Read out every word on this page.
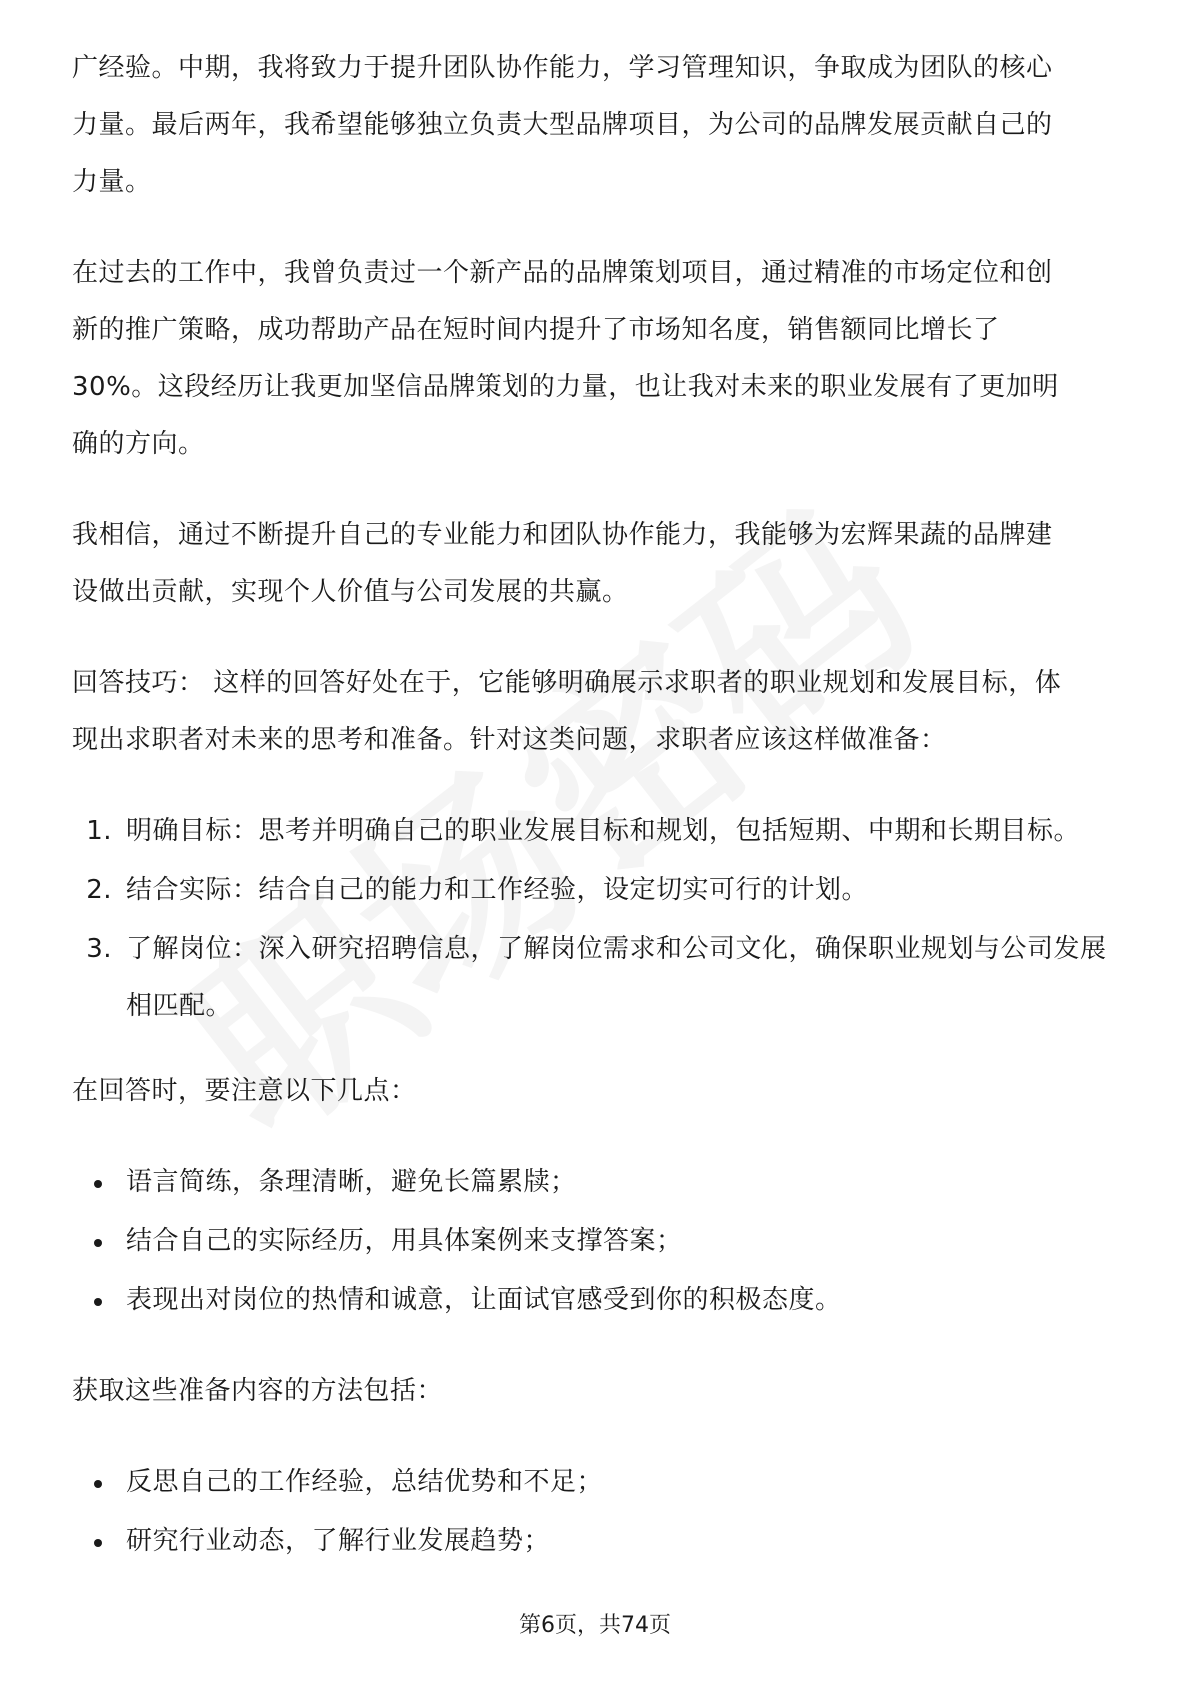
广经验。中期，我将致力于提升团队协作能力，学习管理知识，争取成为团队的核心力量。最后两年，我希望能够独立负责大型品牌项目，为公司的品牌发展贡献自己的力量。

在过去的工作中，我曾负责过一个新产品的品牌策划项目，通过精准的市场定位和创新的推广策略，成功帮助产品在短时间内提升了市场知名度，销售额同比增长了30%。这段经历让我更加坚信品牌策划的力量，也让我对未来的职业发展有了更加明确的方向。

我相信，通过不断提升自己的专业能力和团队协作能力，我能够为宏辉果蔬的品牌建设做出贡献，实现个人价值与公司发展的共赢。

回答技巧： 这样的回答好处在于，它能够明确展示求职者的职业规划和发展目标，体现出求职者对未来的思考和准备。针对这类问题，求职者应该这样做准备：

1. 明确目标：思考并明确自己的职业发展目标和规划，包括短期、中期和长期目标。
2. 结合实际：结合自己的能力和工作经验，设定切实可行的计划。
3. 了解岗位：深入研究招聘信息，了解岗位需求和公司文化，确保职业规划与公司发展相匹配。

在回答时，要注意以下几点：

语言简练，条理清晰，避免长篇累牍；
结合自己的实际经历，用具体案例来支撑答案；
表现出对岗位的热情和诚意，让面试官感受到你的积极态度。

获取这些准备内容的方法包括：

反思自己的工作经验，总结优势和不足；
研究行业动态，了解行业发展趋势；
第6页，共74页
